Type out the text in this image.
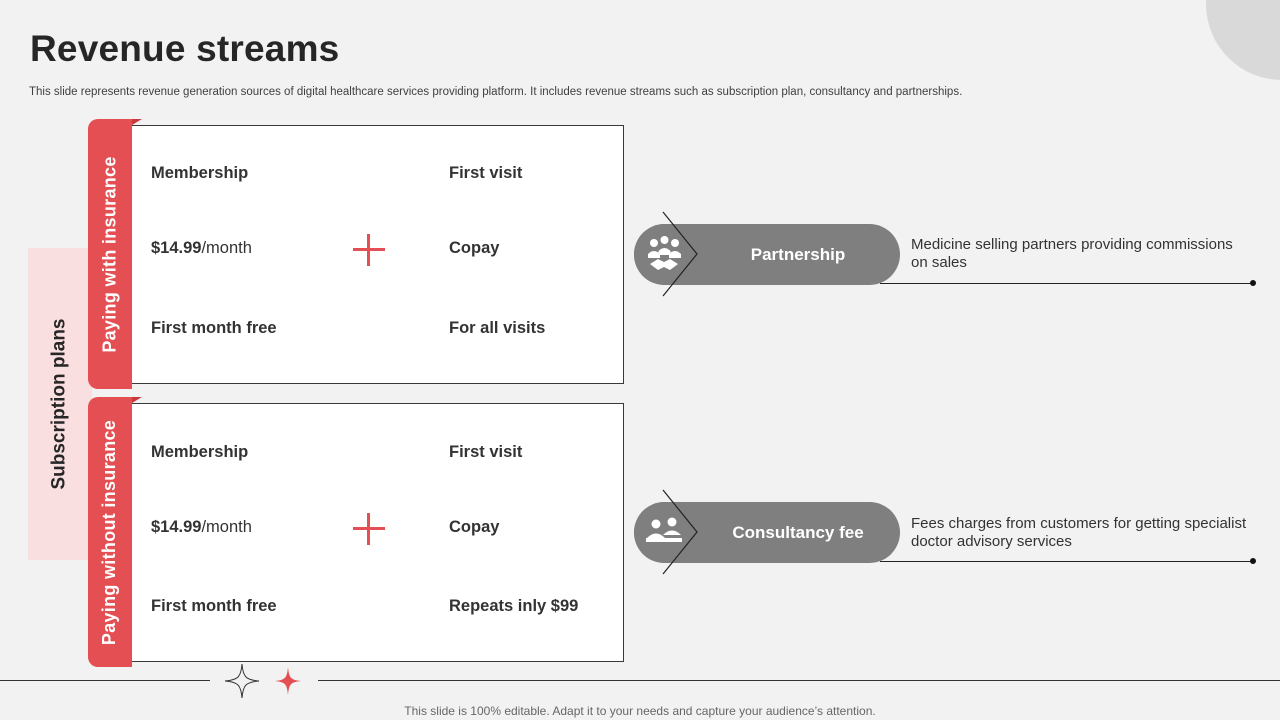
Revenue streams

This slide represents revenue generation sources of digital healthcare services providing platform. It includes revenue streams such as subscription plan, consultancy and partnerships.

Subscription plans
Paying with insurance Membership
$14.99/month
First month free
First visit
Copay
For all visits
Paying without insurance Membership
$14.99/month
First month free
First visit
Copay
Repeats inly $99
Partnership	Medicine selling partners providing commissions on sales
Consultancy fee	Fees charges from customers for getting specialist doctor advisory services
This slide is 100% editable. Adapt it to your needs and capture your audience’s attention.
